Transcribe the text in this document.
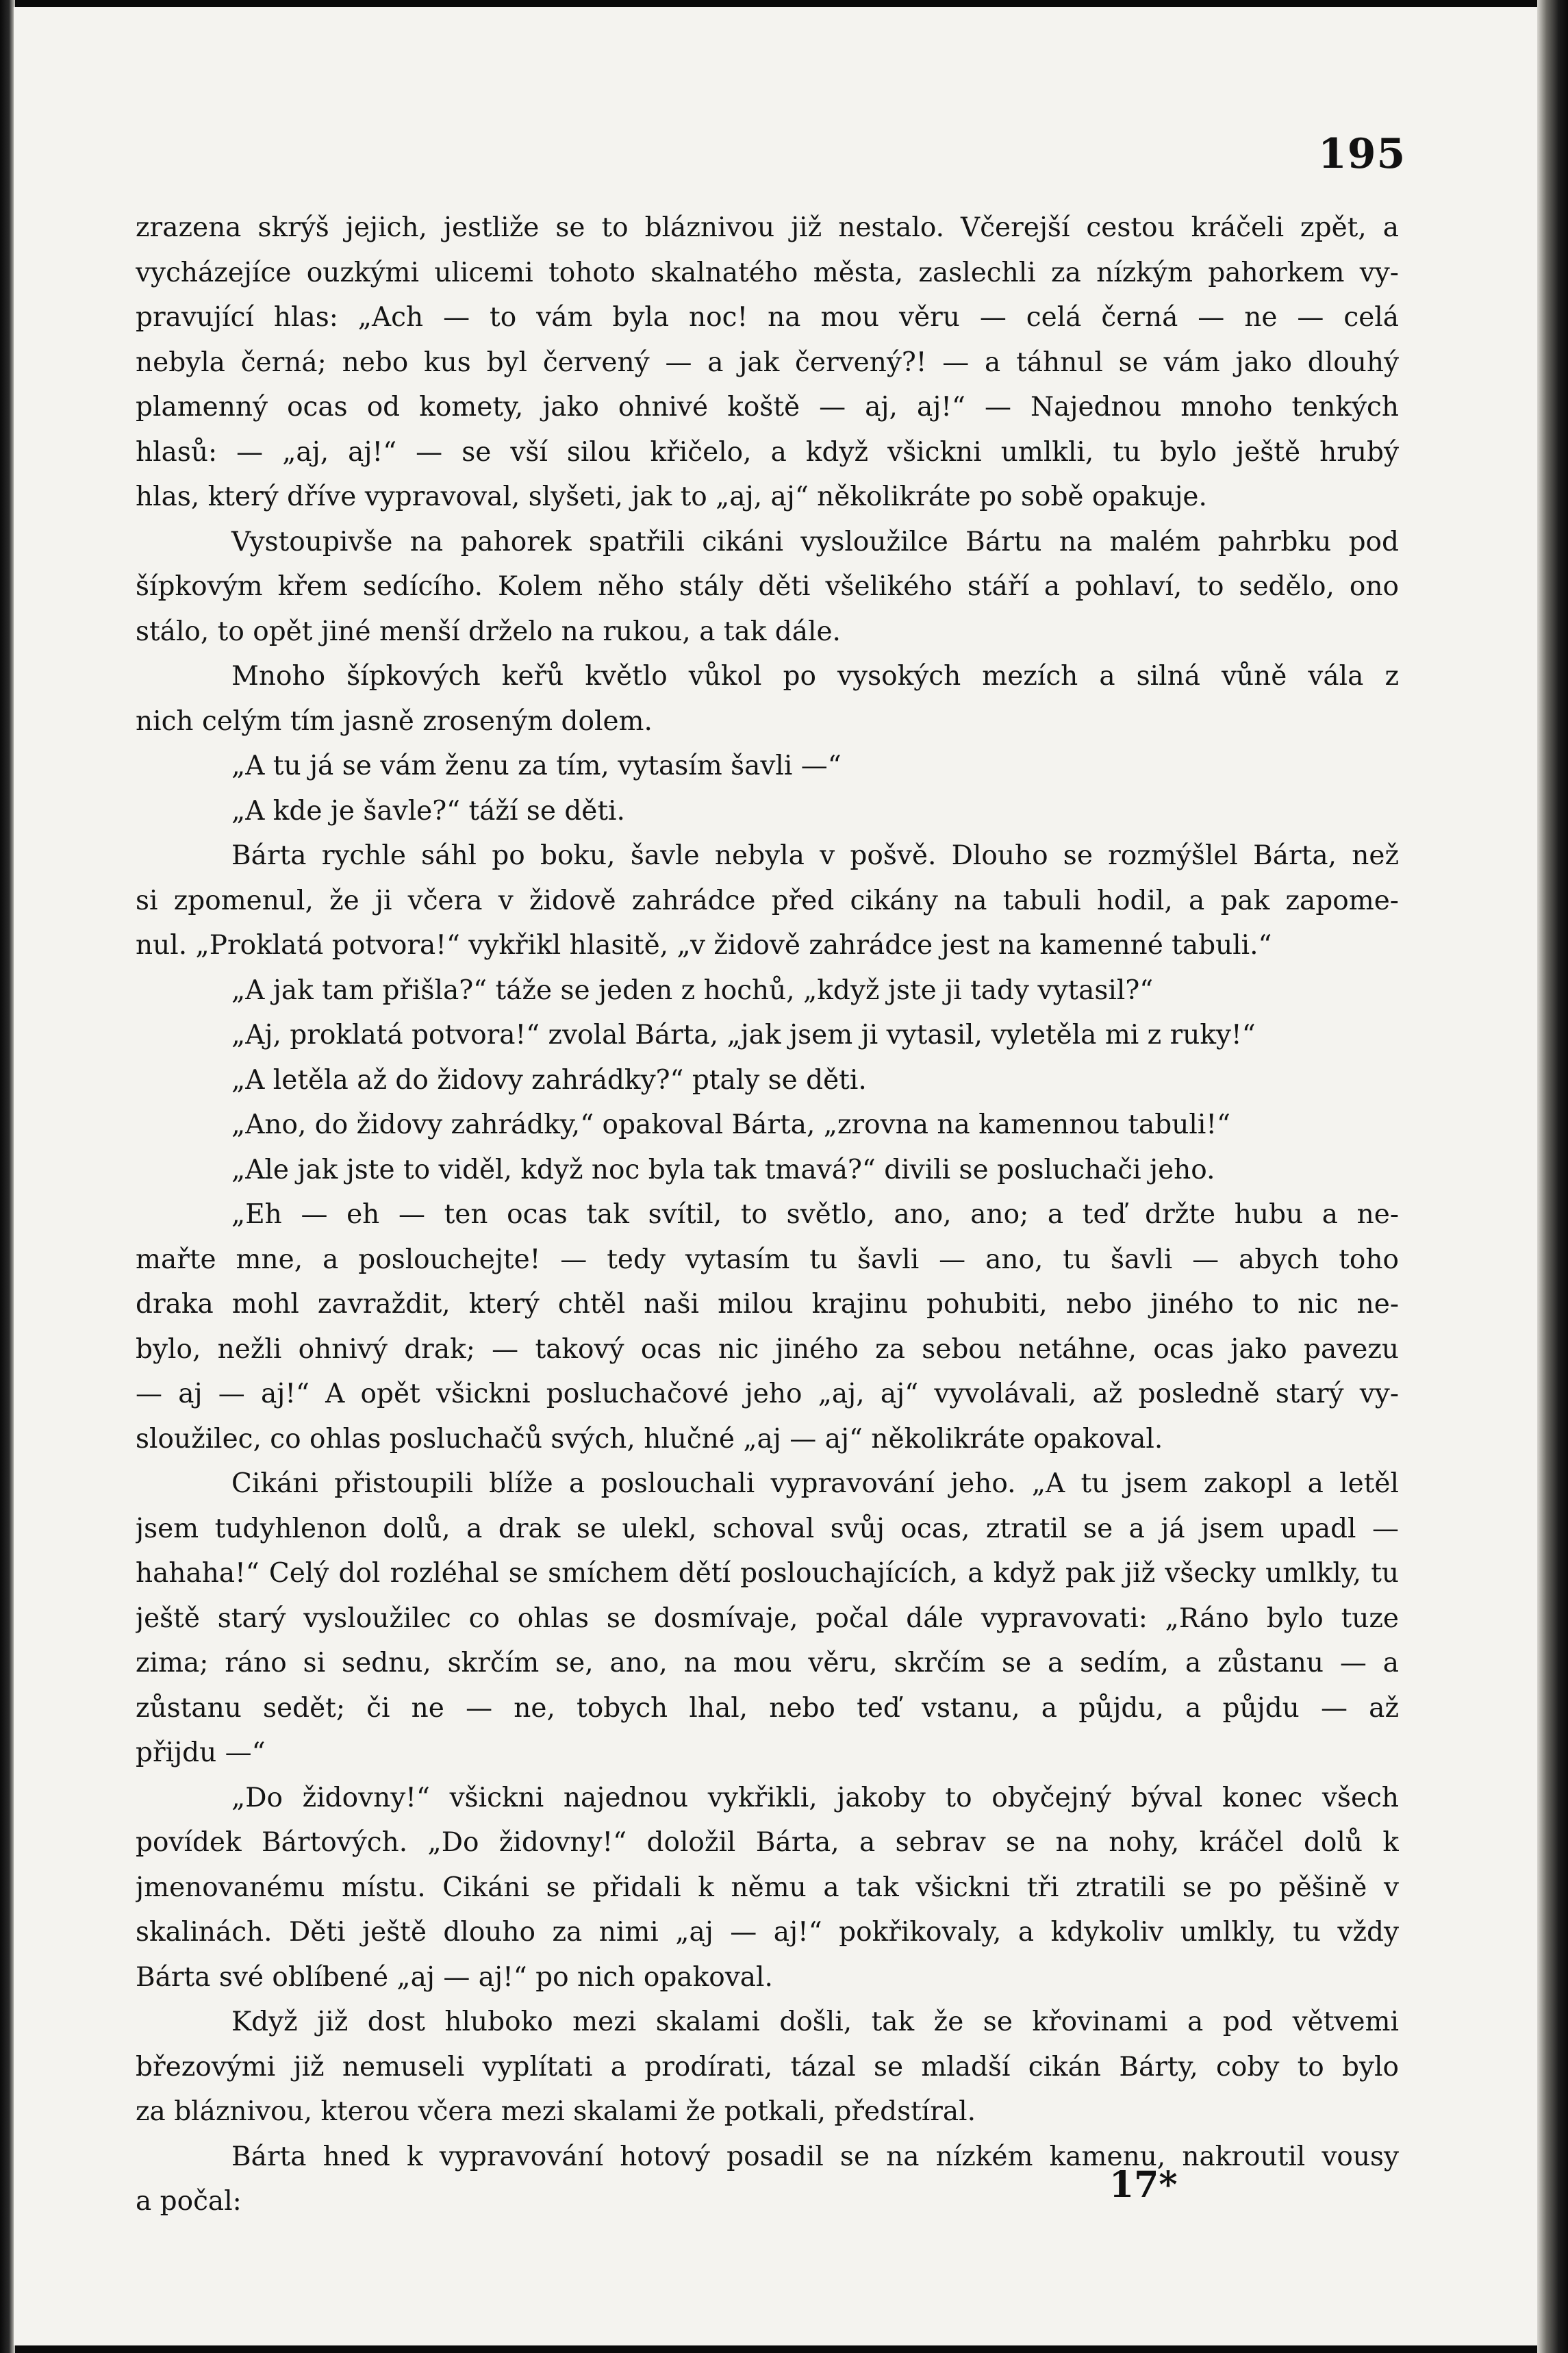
195
zrazena skrýš jejich, jestliže se to bláznivou již nestalo. Včerejší cestou kráčeli zpět, a
vycházejíce ouzkými ulicemi tohoto skalnatého města, zaslechli za nízkým pahorkem vy-
pravující hlas: „Ach — to vám byla noc! na mou věru — celá černá — ne — celá
nebyla černá; nebo kus byl červený — a jak červený?! — a táhnul se vám jako dlouhý
plamenný ocas od komety, jako ohnivé koště — aj, aj!“ — Najednou mnoho tenkých
hlasů: — „aj, aj!“ — se vší silou křičelo, a když všickni umlkli, tu bylo ještě hrubý
hlas, který dříve vypravoval, slyšeti, jak to „aj, aj“ několikráte po sobě opakuje.
Vystoupivše na pahorek spatřili cikáni vysloužilce Bártu na malém pahrbku pod
šípkovým křem sedícího. Kolem něho stály děti všelikého stáří a pohlaví, to sedělo, ono
stálo, to opět jiné menší drželo na rukou, a tak dále.
Mnoho šípkových keřů květlo vůkol po vysokých mezích a silná vůně vála z
nich celým tím jasně zroseným dolem.
„A tu já se vám ženu za tím, vytasím šavli —“
„A kde je šavle?“ táží se děti.
Bárta rychle sáhl po boku, šavle nebyla v pošvě. Dlouho se rozmýšlel Bárta, než
si zpomenul, že ji včera v židově zahrádce před cikány na tabuli hodil, a pak zapome-
nul. „Proklatá potvora!“ vykřikl hlasitě, „v židově zahrádce jest na kamenné tabuli.“
„A jak tam přišla?“ táže se jeden z hochů, „když jste ji tady vytasil?“
„Aj, proklatá potvora!“ zvolal Bárta, „jak jsem ji vytasil, vyletěla mi z ruky!“
„A letěla až do židovy zahrádky?“ ptaly se děti.
„Ano, do židovy zahrádky,“ opakoval Bárta, „zrovna na kamennou tabuli!“
„Ale jak jste to viděl, když noc byla tak tmavá?“ divili se posluchači jeho.
„Eh — eh — ten ocas tak svítil, to světlo, ano, ano; a teď držte hubu a ne-
mařte mne, a poslouchejte! — tedy vytasím tu šavli — ano, tu šavli — abych toho
draka mohl zavraždit, který chtěl naši milou krajinu pohubiti, nebo jiného to nic ne-
bylo, nežli ohnivý drak; — takový ocas nic jiného za sebou netáhne, ocas jako pavezu
— aj — aj!“ A opět všickni posluchačové jeho „aj, aj“ vyvolávali, až posledně starý vy-
sloužilec, co ohlas posluchačů svých, hlučné „aj — aj“ několikráte opakoval.
Cikáni přistoupili blíže a poslouchali vypravování jeho. „A tu jsem zakopl a letěl
jsem tudyhlenon dolů, a drak se ulekl, schoval svůj ocas, ztratil se a já jsem upadl —
hahaha!“ Celý dol rozléhal se smíchem dětí poslouchajících, a když pak již všecky umlkly, tu
ještě starý vysloužilec co ohlas se dosmívaje, počal dále vypravovati: „Ráno bylo tuze
zima; ráno si sednu, skrčím se, ano, na mou věru, skrčím se a sedím, a zůstanu — a
zůstanu sedět; či ne — ne, tobych lhal, nebo teď vstanu, a půjdu, a půjdu — až
přijdu —“
„Do židovny!“ všickni najednou vykřikli, jakoby to obyčejný býval konec všech
povídek Bártových. „Do židovny!“ doložil Bárta, a sebrav se na nohy, kráčel dolů k
jmenovanému místu. Cikáni se přidali k němu a tak všickni tři ztratili se po pěšině v
skalinách. Děti ještě dlouho za nimi „aj — aj!“ pokřikovaly, a kdykoliv umlkly, tu vždy
Bárta své oblíbené „aj — aj!“ po nich opakoval.
Když již dost hluboko mezi skalami došli, tak že se křovinami a pod větvemi
březovými již nemuseli vyplítati a prodírati, tázal se mladší cikán Bárty, coby to bylo
za bláznivou, kterou včera mezi skalami že potkali, předstíral.
Bárta hned k vypravování hotový posadil se na nízkém kamenu, nakroutil vousy
a počal:	17*
